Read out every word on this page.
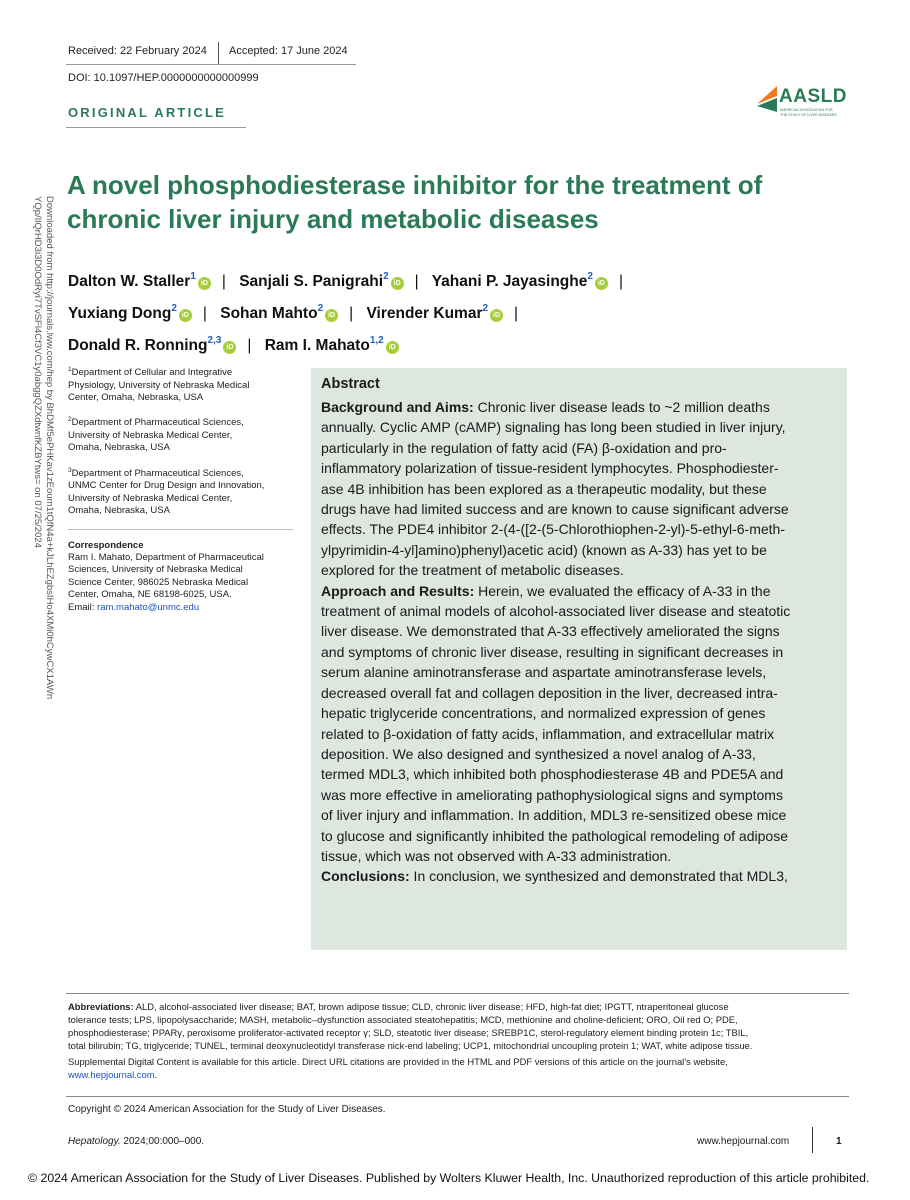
Received: 22 February 2024 Accepted: 17 June 2024
DOI: 10.1097/HEP.0000000000000999
AASLD
AMERICAN ASSOCIATION FOR
THE STUDY OF LIVER DISEASES
ORIGINAL ARTICLE
A novel phosphodiesterase inhibitor for the treatment of
chronic liver injury and metabolic diseases
Dalton W. Staller$^1$iD | Sanjali S. Panigrahi$^2$iD | Yahani P. Jayasinghe$^2$iD |
Yuxiang Dong$^2$iD | Sohan Mahto$^2$iD | Virender Kumar$^2$iD |
Donald R. Ronning$^{2,3}$iD | Ram I. Mahato$^{1,2}$iD
Downloaded from http://journals.lww.com/hep by BhDMf5ePHKav1zEoum1tQfN4a+kJLhEZgbsIHo4XMi0hCywCX1AWn
YQp/IlQrHD3i3D0OdRyi7TvSFl4Cf3VC1y0abggQZXdtwnfKZBYtws= on 07/25/2024	$^1$Department of Cellular and Integrative
Physiology, University of Nebraska Medical
Center, Omaha, Nebraska, USA
$^2$Department of Pharmaceutical Sciences,
University of Nebraska Medical Center,
Omaha, Nebraska, USA
$^3$Department of Pharmaceutical Sciences,
UNMC Center for Drug Design and Innovation,
University of Nebraska Medical Center,
Omaha, Nebraska, USA
Correspondence
Ram I. Mahato, Department of Pharmaceutical
Sciences, University of Nebraska Medical
Science Center, 986025 Nebraska Medical
Center, Omaha, NE 68198-6025, USA.
Email: ram.mahato@unmc.edu
Abstract
Background and Aims: Chronic liver disease leads to ~2 million deaths
annually. Cyclic AMP (cAMP) signaling has long been studied in liver injury,
particularly in the regulation of fatty acid (FA) β-oxidation and pro-
inflammatory polarization of tissue-resident lymphocytes. Phosphodiester-
ase 4B inhibition has been explored as a therapeutic modality, but these
drugs have had limited success and are known to cause significant adverse
effects. The PDE4 inhibitor 2-(4-([2-(5-Chlorothiophen-2-yl)-5-ethyl-6-meth-
ylpyrimidin-4-yl]amino)phenyl)acetic acid) (known as A-33) has yet to be
explored for the treatment of metabolic diseases.
Approach and Results: Herein, we evaluated the efficacy of A-33 in the
treatment of animal models of alcohol-associated liver disease and steatotic
liver disease. We demonstrated that A-33 effectively ameliorated the signs
and symptoms of chronic liver disease, resulting in significant decreases in
serum alanine aminotransferase and aspartate aminotransferase levels,
decreased overall fat and collagen deposition in the liver, decreased intra-
hepatic triglyceride concentrations, and normalized expression of genes
related to β-oxidation of fatty acids, inflammation, and extracellular matrix
deposition. We also designed and synthesized a novel analog of A-33,
termed MDL3, which inhibited both phosphodiesterase 4B and PDE5A and
was more effective in ameliorating pathophysiological signs and symptoms
of liver injury and inflammation. In addition, MDL3 re-sensitized obese mice
to glucose and significantly inhibited the pathological remodeling of adipose
tissue, which was not observed with A-33 administration.
Conclusions: In conclusion, we synthesized and demonstrated that MDL3,
Abbreviations: ALD, alcohol-associated liver disease; BAT, brown adipose tissue; CLD, chronic liver disease; HFD, high-fat diet; IPGTT, ntraperitoneal glucose
tolerance tests; LPS, lipopolysaccharide; MASH, metabolic–dysfunction associated steatohepatitis; MCD, methionine and choline-deficient; ORO, Oil red O; PDE,
phosphodiesterase; PPARγ, peroxisome proliferator-activated receptor γ; SLD, steatotic liver disease; SREBP1C, sterol-regulatory element binding protein 1c; TBIL,
total bilirubin; TG, triglyceride; TUNEL, terminal deoxynucleotidyl transferase nick-end labeling; UCP1, mitochondrial uncoupling protein 1; WAT, white adipose tissue.
Supplemental Digital Content is available for this article. Direct URL citations are provided in the HTML and PDF versions of this article on the journal’s website,
www.hepjournal.com.
Copyright © 2024 American Association for the Study of Liver Diseases.
Hepatology. 2024;00:000–000.	www.hepjournal.com	1
© 2024 American Association for the Study of Liver Diseases. Published by Wolters Kluwer Health, Inc. Unauthorized reproduction of this article prohibited.
